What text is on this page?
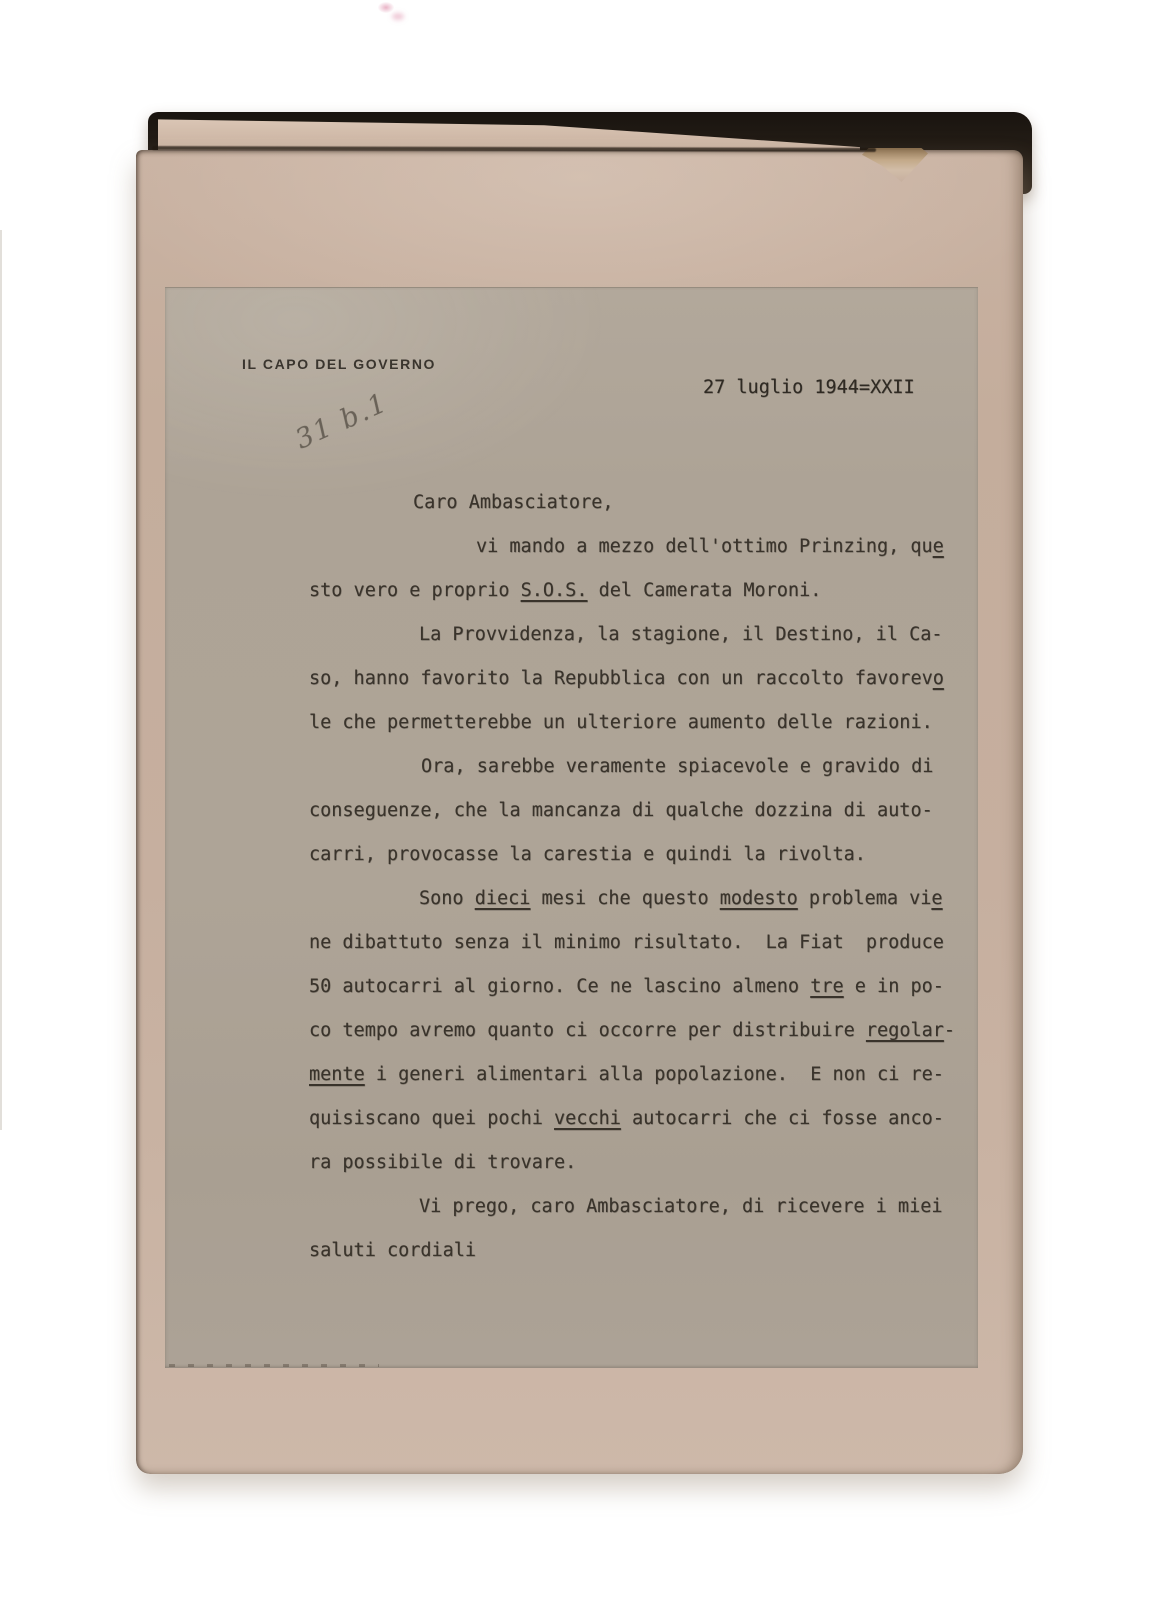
IL CAPO DEL GOVERNO
27 luglio 1944=XXII
31 b.1
Caro Ambasciatore,
vi mando a mezzo dell'ottimo Prinzing, que
sto vero e proprio S.O.S. del Camerata Moroni.
La Provvidenza, la stagione, il Destino, il Ca-
so, hanno favorito la Repubblica con un raccolto favorevo
le che permetterebbe un ulteriore aumento delle razioni.
Ora, sarebbe veramente spiacevole e gravido di
conseguenze, che la mancanza di qualche dozzina di auto-
carri, provocasse la carestia e quindi la rivolta.
Sono dieci mesi che questo modesto problema vie
ne dibattuto senza il minimo risultato.  La Fiat  produce
50 autocarri al giorno. Ce ne lascino almeno tre e in po-
co tempo avremo quanto ci occorre per distribuire regolar-
mente i generi alimentari alla popolazione.  E non ci re-
quisiscano quei pochi vecchi autocarri che ci fosse anco-
ra possibile di trovare.
Vi prego, caro Ambasciatore, di ricevere i miei
saluti cordiali
